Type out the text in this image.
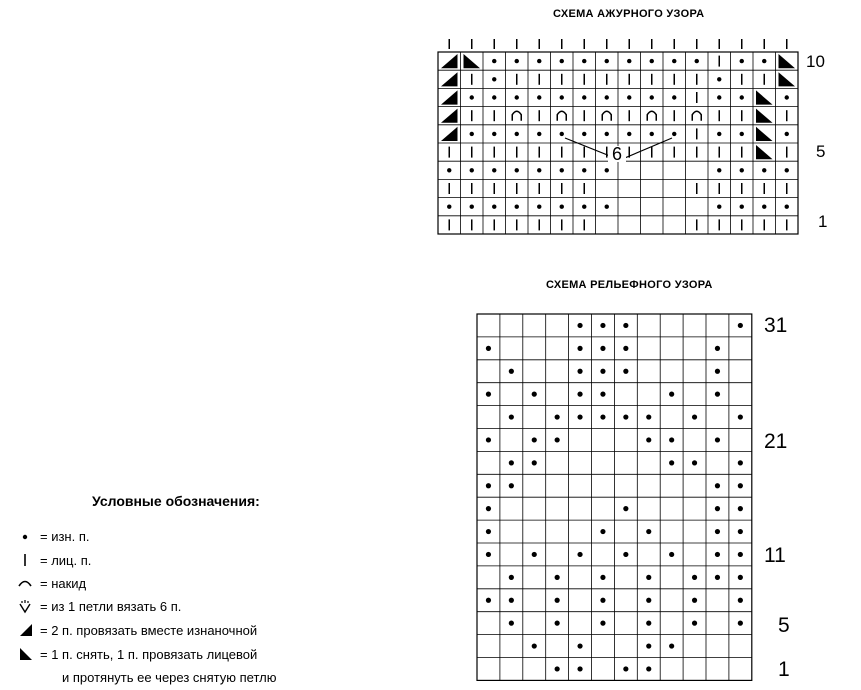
СХЕМА АЖУРНОГО УЗОРА
6
10
5
1
СХЕМА РЕЛЬЕФНОГО УЗОРА
31
21
11
5
1
Условные обозначения:
= изн. п.
= лиц. п.
= накид
= из 1 петли вязать 6 п.
= 2 п. провязать вместе изнаночной
= 1 п. снять, 1 п. провязать лицевой
и протянуть ее через снятую петлю
